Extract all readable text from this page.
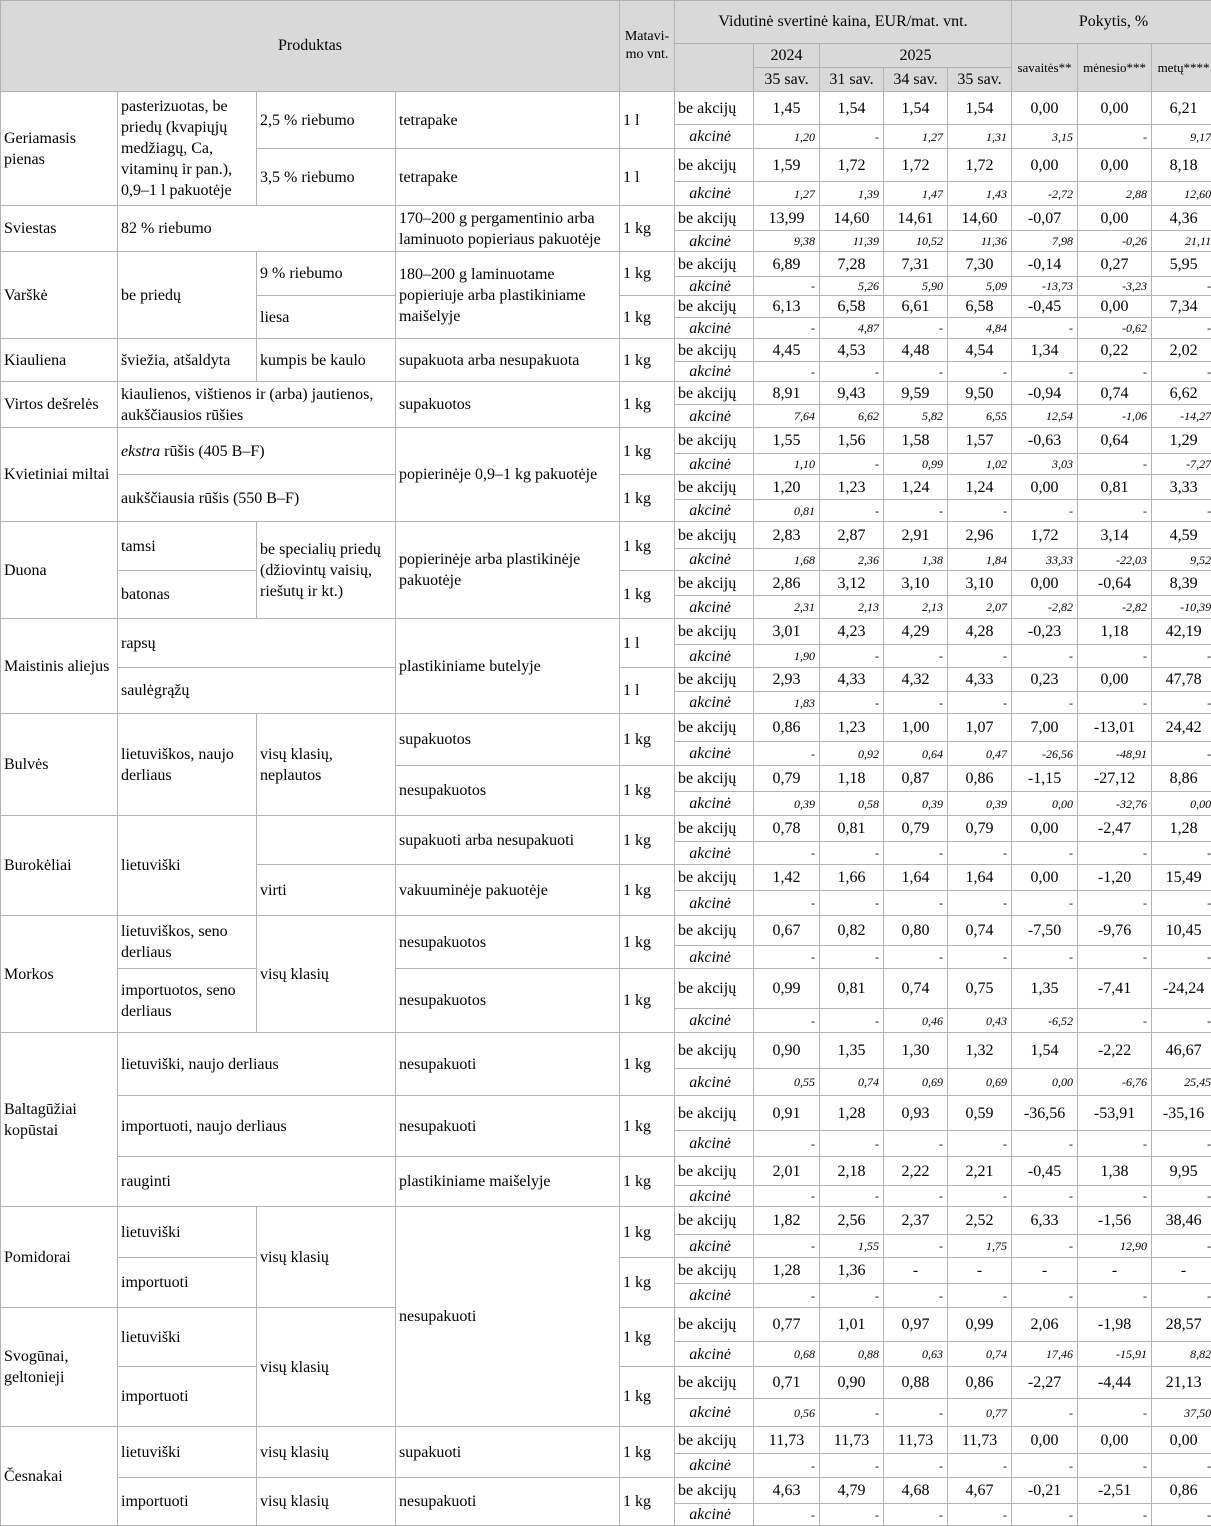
Produktas				Matavi-mo vnt.	Vidutinė svertinė kaina, EUR/mat. vnt.					Pokytis, %		
						2024	2025			savaitės**	mėnesio***	metų****
						35 sav.	31 sav.	34 sav.	35 sav.			
Geriamasis pienas	pasterizuotas, be priedų (kvapiųjų medžiagų, Ca, vitaminų ir pan.), 0,9–1 l pakuotėje	2,5 % riebumo	tetrapake	1 l	be akcijų	1,45	1,54	1,54	1,54	0,00	0,00	6,21
					akcinė	1,20	-	1,27	1,31	3,15	-	9,17
		3,5 % riebumo	tetrapake	1 l	be akcijų	1,59	1,72	1,72	1,72	0,00	0,00	8,18
					akcinė	1,27	1,39	1,47	1,43	-2,72	2,88	12,60
Sviestas	82 % riebumo		170–200 g pergamentinio arba laminuoto popieriaus pakuotėje	1 kg	be akcijų	13,99	14,60	14,61	14,60	-0,07	0,00	4,36
					akcinė	9,38	11,39	10,52	11,36	7,98	-0,26	21,11
Varškė	be priedų	9 % riebumo	180–200 g laminuotame popieriuje arba plastikiniame maišelyje	1 kg	be akcijų	6,89	7,28	7,31	7,30	-0,14	0,27	5,95
					akcinė	-	5,26	5,90	5,09	-13,73	-3,23	-
		liesa		1 kg	be akcijų	6,13	6,58	6,61	6,58	-0,45	0,00	7,34
					akcinė	-	4,87	-	4,84	-	-0,62	-
Kiauliena	šviežia, atšaldyta	kumpis be kaulo	supakuota arba nesupakuota	1 kg	be akcijų	4,45	4,53	4,48	4,54	1,34	0,22	2,02
					akcinė	-	-	-	-	-	-	-
Virtos dešrelės	kiaulienos, vištienos ir (arba) jautienos, aukščiausios rūšies		supakuotos	1 kg	be akcijų	8,91	9,43	9,59	9,50	-0,94	0,74	6,62
					akcinė	7,64	6,62	5,82	6,55	12,54	-1,06	-14,27
Kvietiniai miltai	ekstra rūšis (405 B–F)		popierinėje 0,9–1 kg pakuotėje	1 kg	be akcijų	1,55	1,56	1,58	1,57	-0,63	0,64	1,29
					akcinė	1,10	-	0,99	1,02	3,03	-	-7,27
	aukščiausia rūšis (550 B–F)			1 kg	be akcijų	1,20	1,23	1,24	1,24	0,00	0,81	3,33
					akcinė	0,81	-	-	-	-	-	-
Duona	tamsi	be specialių priedų (džiovintų vaisių, riešutų ir kt.)	popierinėje arba plastikinėje pakuotėje	1 kg	be akcijų	2,83	2,87	2,91	2,96	1,72	3,14	4,59
					akcinė	1,68	2,36	1,38	1,84	33,33	-22,03	9,52
	batonas			1 kg	be akcijų	2,86	3,12	3,10	3,10	0,00	-0,64	8,39
					akcinė	2,31	2,13	2,13	2,07	-2,82	-2,82	-10,39
Maistinis aliejus	rapsų		plastikiniame butelyje	1 l	be akcijų	3,01	4,23	4,29	4,28	-0,23	1,18	42,19
					akcinė	1,90	-	-	-	-	-	-
	saulėgrąžų			1 l	be akcijų	2,93	4,33	4,32	4,33	0,23	0,00	47,78
					akcinė	1,83	-	-	-	-	-	-
Bulvės	lietuviškos, naujo derliaus	visų klasių, neplautos	supakuotos	1 kg	be akcijų	0,86	1,23	1,00	1,07	7,00	-13,01	24,42
					akcinė	-	0,92	0,64	0,47	-26,56	-48,91	-
			nesupakuotos	1 kg	be akcijų	0,79	1,18	0,87	0,86	-1,15	-27,12	8,86
					akcinė	0,39	0,58	0,39	0,39	0,00	-32,76	0,00
Burokėliai	lietuviški		supakuoti arba nesupakuoti	1 kg	be akcijų	0,78	0,81	0,79	0,79	0,00	-2,47	1,28
					akcinė	-	-	-	-	-	-	-
		virti	vakuuminėje pakuotėje	1 kg	be akcijų	1,42	1,66	1,64	1,64	0,00	-1,20	15,49
					akcinė	-	-	-	-	-	-	-
Morkos	lietuviškos, seno derliaus	visų klasių	nesupakuotos	1 kg	be akcijų	0,67	0,82	0,80	0,74	-7,50	-9,76	10,45
					akcinė	-	-	-	-	-	-	-
	importuotos, seno derliaus		nesupakuotos	1 kg	be akcijų	0,99	0,81	0,74	0,75	1,35	-7,41	-24,24
					akcinė	-	-	0,46	0,43	-6,52	-	-
Baltagūžiai kopūstai	lietuviški, naujo derliaus		nesupakuoti	1 kg	be akcijų	0,90	1,35	1,30	1,32	1,54	-2,22	46,67
					akcinė	0,55	0,74	0,69	0,69	0,00	-6,76	25,45
	importuoti, naujo derliaus		nesupakuoti	1 kg	be akcijų	0,91	1,28	0,93	0,59	-36,56	-53,91	-35,16
					akcinė	-	-	-	-	-	-	-
	rauginti		plastikiniame maišelyje	1 kg	be akcijų	2,01	2,18	2,22	2,21	-0,45	1,38	9,95
					akcinė	-	-	-	-	-	-	-
Pomidorai	lietuviški	visų klasių	nesupakuoti	1 kg	be akcijų	1,82	2,56	2,37	2,52	6,33	-1,56	38,46
					akcinė	-	1,55	-	1,75	-	12,90	-
	importuoti			1 kg	be akcijų	1,28	1,36	-	-	-	-	-
					akcinė	-	-	-	-	-	-	-
Svogūnai, geltonieji	lietuviški	visų klasių		1 kg	be akcijų	0,77	1,01	0,97	0,99	2,06	-1,98	28,57
					akcinė	0,68	0,88	0,63	0,74	17,46	-15,91	8,82
	importuoti			1 kg	be akcijų	0,71	0,90	0,88	0,86	-2,27	-4,44	21,13
					akcinė	0,56	-	-	0,77	-	-	37,50
Česnakai	lietuviški	visų klasių	supakuoti	1 kg	be akcijų	11,73	11,73	11,73	11,73	0,00	0,00	0,00
					akcinė	-	-	-	-	-	-	-
	importuoti	visų klasių	nesupakuoti	1 kg	be akcijų	4,63	4,79	4,68	4,67	-0,21	-2,51	0,86
					akcinė	-	-	-	-	-	-	-
